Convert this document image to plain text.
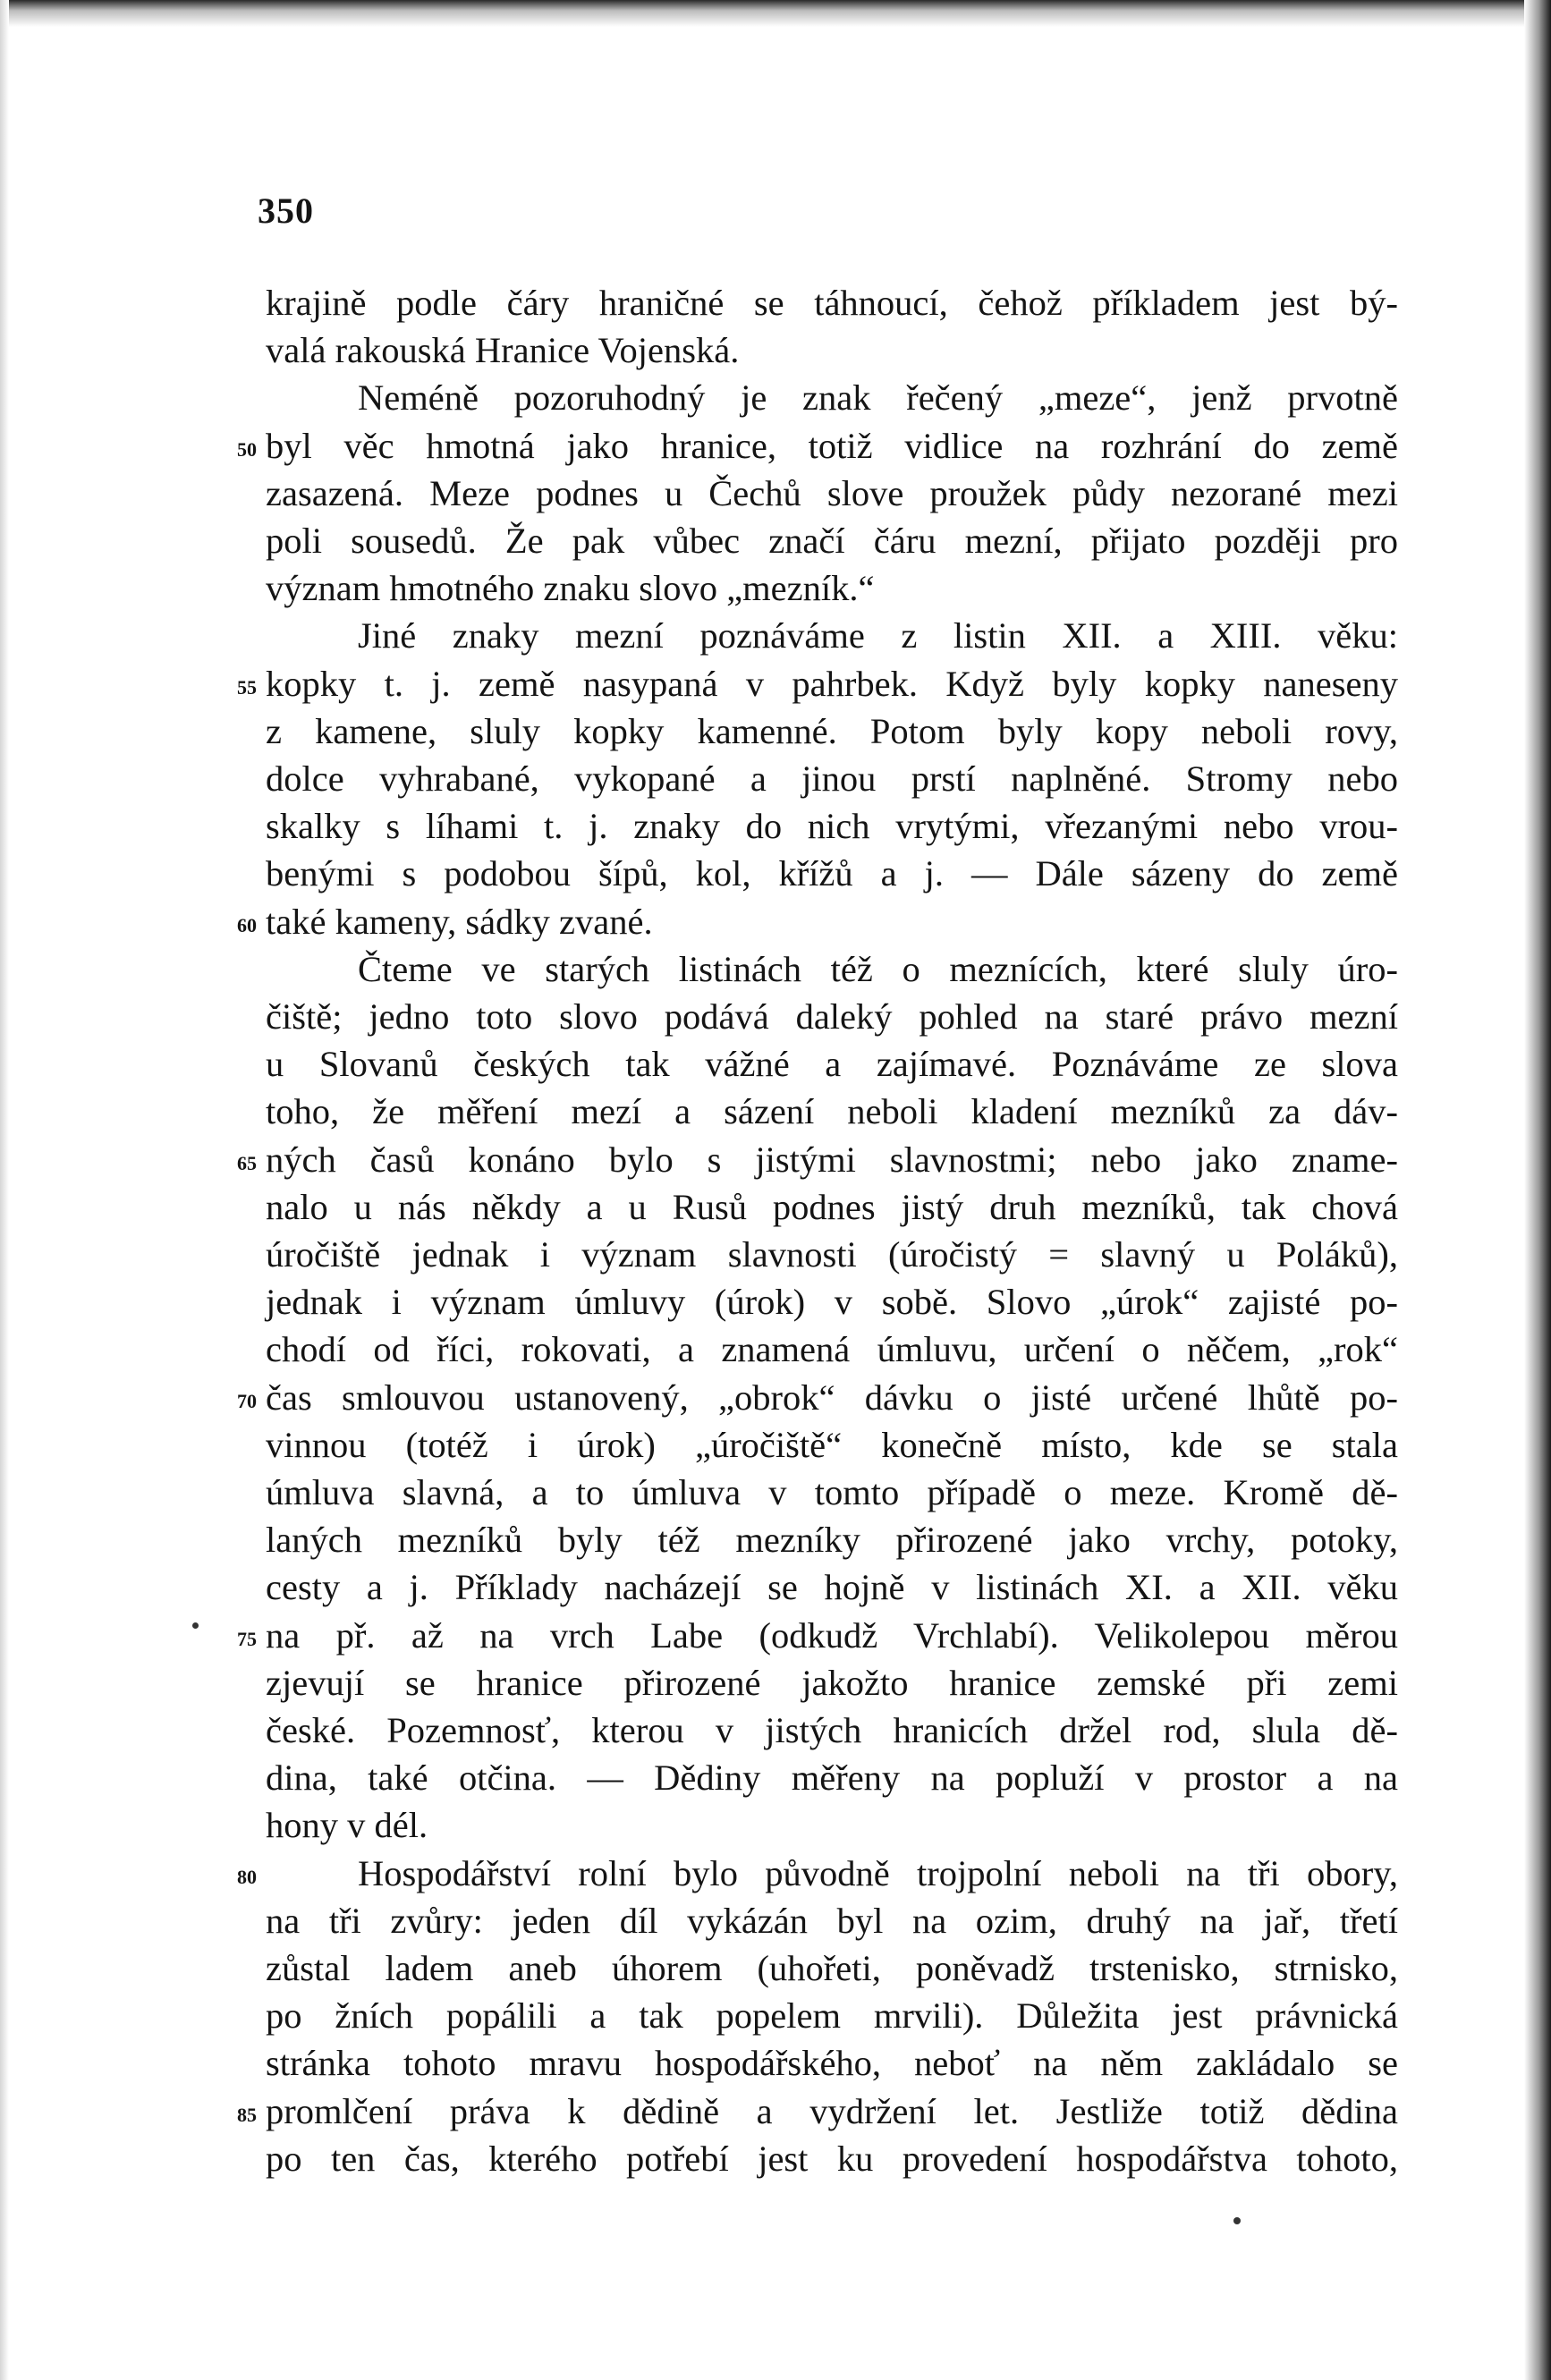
350
krajině podle čáry hraničné se táhnoucí, čehož příkladem jest bý-
valá rakouská Hranice Vojenská.
Neméně pozoruhodný je znak řečený „meze“, jenž prvotně
byl věc hmotná jako hranice, totiž vidlice na rozhrání do země
50
zasazená. Meze podnes u Čechů slove proužek půdy nezorané mezi
poli sousedů. Že pak vůbec značí čáru mezní, přijato později pro
význam hmotného znaku slovo „mezník.“
Jiné znaky mezní poznáváme z listin XII. a XIII. věku:
kopky t. j. země nasypaná v pahrbek. Když byly kopky naneseny
55
z kamene, sluly kopky kamenné. Potom byly kopy neboli rovy,
dolce vyhrabané, vykopané a jinou prstí naplněné. Stromy nebo
skalky s líhami t. j. znaky do nich vrytými, vřezanými nebo vrou-
benými s podobou šípů, kol, křížů a j. — Dále sázeny do země
také kameny, sádky zvané.
60
Čteme ve starých listinách též o meznících, které sluly úro-
čiště; jedno toto slovo podává daleký pohled na staré právo mezní
u Slovanů českých tak vážné a zajímavé. Poznáváme ze slova
toho, že měření mezí a sázení neboli kladení mezníků za dáv-
ných časů konáno bylo s jistými slavnostmi; nebo jako zname-
65
nalo u nás někdy a u Rusů podnes jistý druh mezníků, tak chová
úročiště jednak i význam slavnosti (úročistý = slavný u Poláků),
jednak i význam úmluvy (úrok) v sobě. Slovo „úrok“ zajisté po-
chodí od říci, rokovati, a znamená úmluvu, určení o něčem, „rok“
čas smlouvou ustanovený, „obrok“ dávku o jisté určené lhůtě po-
70
vinnou (totéž i úrok) „úročiště“ konečně místo, kde se stala
úmluva slavná, a to úmluva v tomto případě o meze. Kromě dě-
laných mezníků byly též mezníky přirozené jako vrchy, potoky,
cesty a j. Příklady nacházejí se hojně v listinách XI. a XII. věku
na př. až na vrch Labe (odkudž Vrchlabí). Velikolepou měrou
75
zjevují se hranice přirozené jakožto hranice zemské při zemi
české. Pozemnosť, kterou v jistých hranicích držel rod, slula dě-
dina, také otčina. — Dědiny měřeny na popluží v prostor a na
hony v dél.
Hospodářství rolní bylo původně trojpolní neboli na tři obory,
80
na tři zvůry: jeden díl vykázán byl na ozim, druhý na jař, třetí
zůstal ladem aneb úhorem (uhořeti, poněvadž trstenisko, strnisko,
po žních popálili a tak popelem mrvili). Důležita jest právnická
stránka tohoto mravu hospodářského, neboť na něm zakládalo se
promlčení práva k dědině a vydržení let. Jestliže totiž dědina
85
po ten čas, kterého potřebí jest ku provedení hospodářstva tohoto,
